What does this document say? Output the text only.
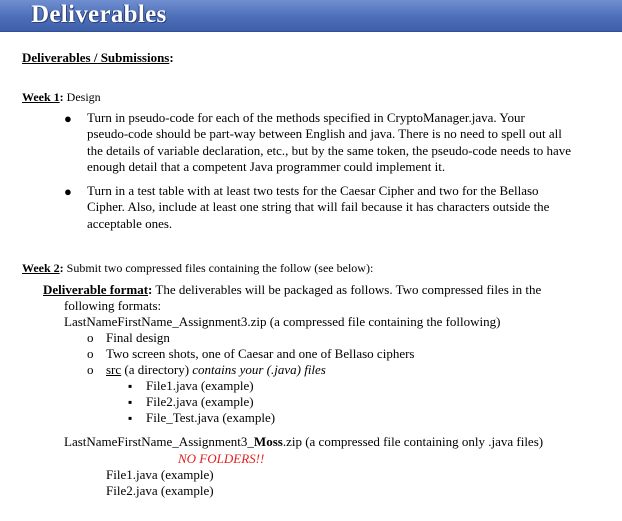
Deliverables
Deliverables / Submissions:
Week 1: Design
● Turn in pseudo-code for each of the methods specified in CryptoManager.java. Your
pseudo-code should be part-way between English and java. There is no need to spell out all
the details of variable declaration, etc., but by the same token, the pseudo-code needs to have
enough detail that a competent Java programmer could implement it.
● Turn in a test table with at least two tests for the Caesar Cipher and two for the Bellaso
Cipher. Also, include at least one string that will fail because it has characters outside the
acceptable ones.
Week 2: Submit two compressed files containing the follow (see below):
Deliverable format: The deliverables will be packaged as follows. Two compressed files in the
following formats:
LastNameFirstName_Assignment3.zip (a compressed file containing the following)
o Final design
o Two screen shots, one of Caesar and one of Bellaso ciphers
o src (a directory) contains your (.java) files
▪ File1.java (example)
▪ File2.java (example)
▪ File_Test.java (example)
LastNameFirstName_Assignment3_Moss.zip (a compressed file containing only .java files)
NO FOLDERS!!
File1.java (example)
File2.java (example)
